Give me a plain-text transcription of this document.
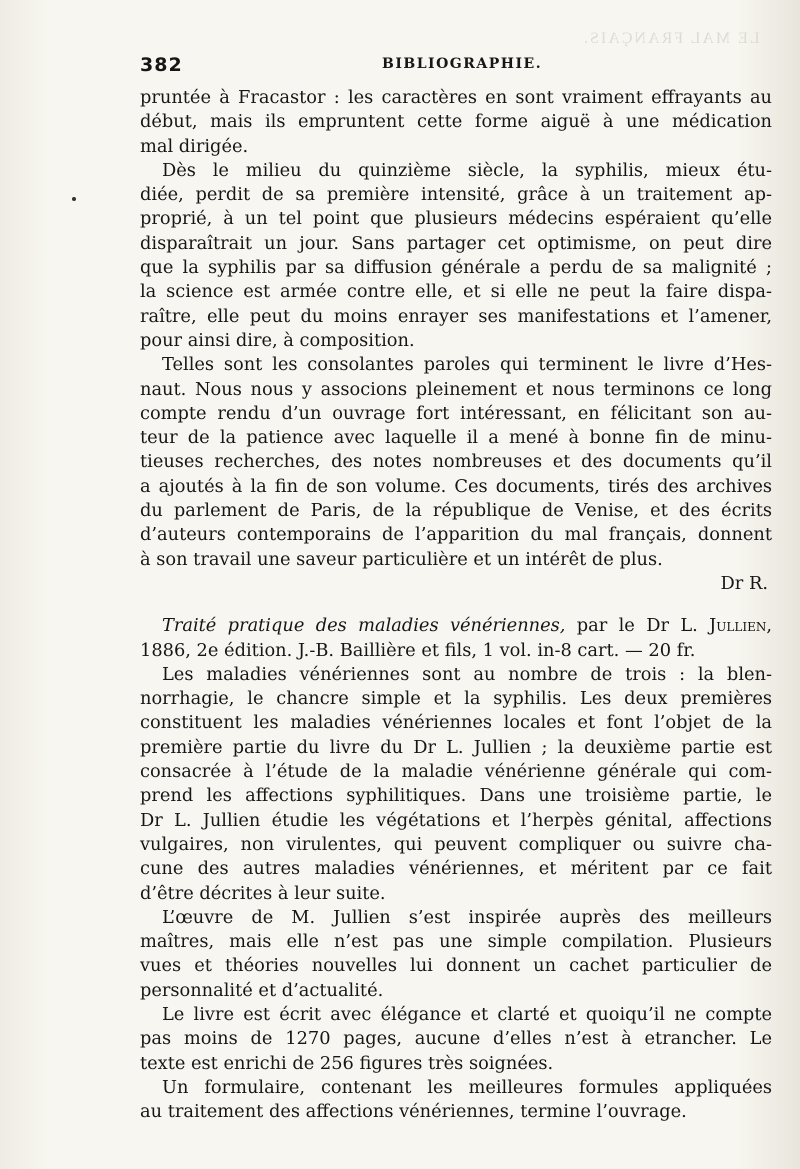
LE MAL FRANÇAIS.
382	BIBLIOGRAPHIE.
pruntée à Fracastor : les caractères en sont vraiment effrayants au
début, mais ils empruntent cette forme aiguë à une médication
mal dirigée.
Dès le milieu du quinzième siècle, la syphilis, mieux étu-
diée, perdit de sa première intensité, grâce à un traitement ap-
proprié, à un tel point que plusieurs médecins espéraient qu’elle
disparaîtrait un jour. Sans partager cet optimisme, on peut dire
que la syphilis par sa diffusion générale a perdu de sa malignité ;
la science est armée contre elle, et si elle ne peut la faire dispa-
raître, elle peut du moins enrayer ses manifestations et l’amener,
pour ainsi dire, à composition.
Telles sont les consolantes paroles qui terminent le livre d’Hes-
naut. Nous nous y associons pleinement et nous terminons ce long
compte rendu d’un ouvrage fort intéressant, en félicitant son au-
teur de la patience avec laquelle il a mené à bonne fin de minu-
tieuses recherches, des notes nombreuses et des documents qu’il
a ajoutés à la fin de son volume. Ces documents, tirés des archives
du parlement de Paris, de la république de Venise, et des écrits
d’auteurs contemporains de l’apparition du mal français, donnent
à son travail une saveur particulière et un intérêt de plus.
Dr R.
Traité pratique des maladies vénériennes, par le Dr L. Jullien,
1886, 2e édition. J.-B. Baillière et fils, 1 vol. in-8 cart. — 20 fr.
Les maladies vénériennes sont au nombre de trois : la blen-
norrhagie, le chancre simple et la syphilis. Les deux premières
constituent les maladies vénériennes locales et font l’objet de la
première partie du livre du Dr L. Jullien ; la deuxième partie est
consacrée à l’étude de la maladie vénérienne générale qui com-
prend les affections syphilitiques. Dans une troisième partie, le
Dr L. Jullien étudie les végétations et l’herpès génital, affections
vulgaires, non virulentes, qui peuvent compliquer ou suivre cha-
cune des autres maladies vénériennes, et méritent par ce fait
d’être décrites à leur suite.
L’œuvre de M. Jullien s’est inspirée auprès des meilleurs
maîtres, mais elle n’est pas une simple compilation. Plusieurs
vues et théories nouvelles lui donnent un cachet particulier de
personnalité et d’actualité.
Le livre est écrit avec élégance et clarté et quoiqu’il ne compte
pas moins de 1270 pages, aucune d’elles n’est à etrancher. Le
texte est enrichi de 256 figures très soignées.
Un formulaire, contenant les meilleures formules appliquées
au traitement des affections vénériennes, termine l’ouvrage.
